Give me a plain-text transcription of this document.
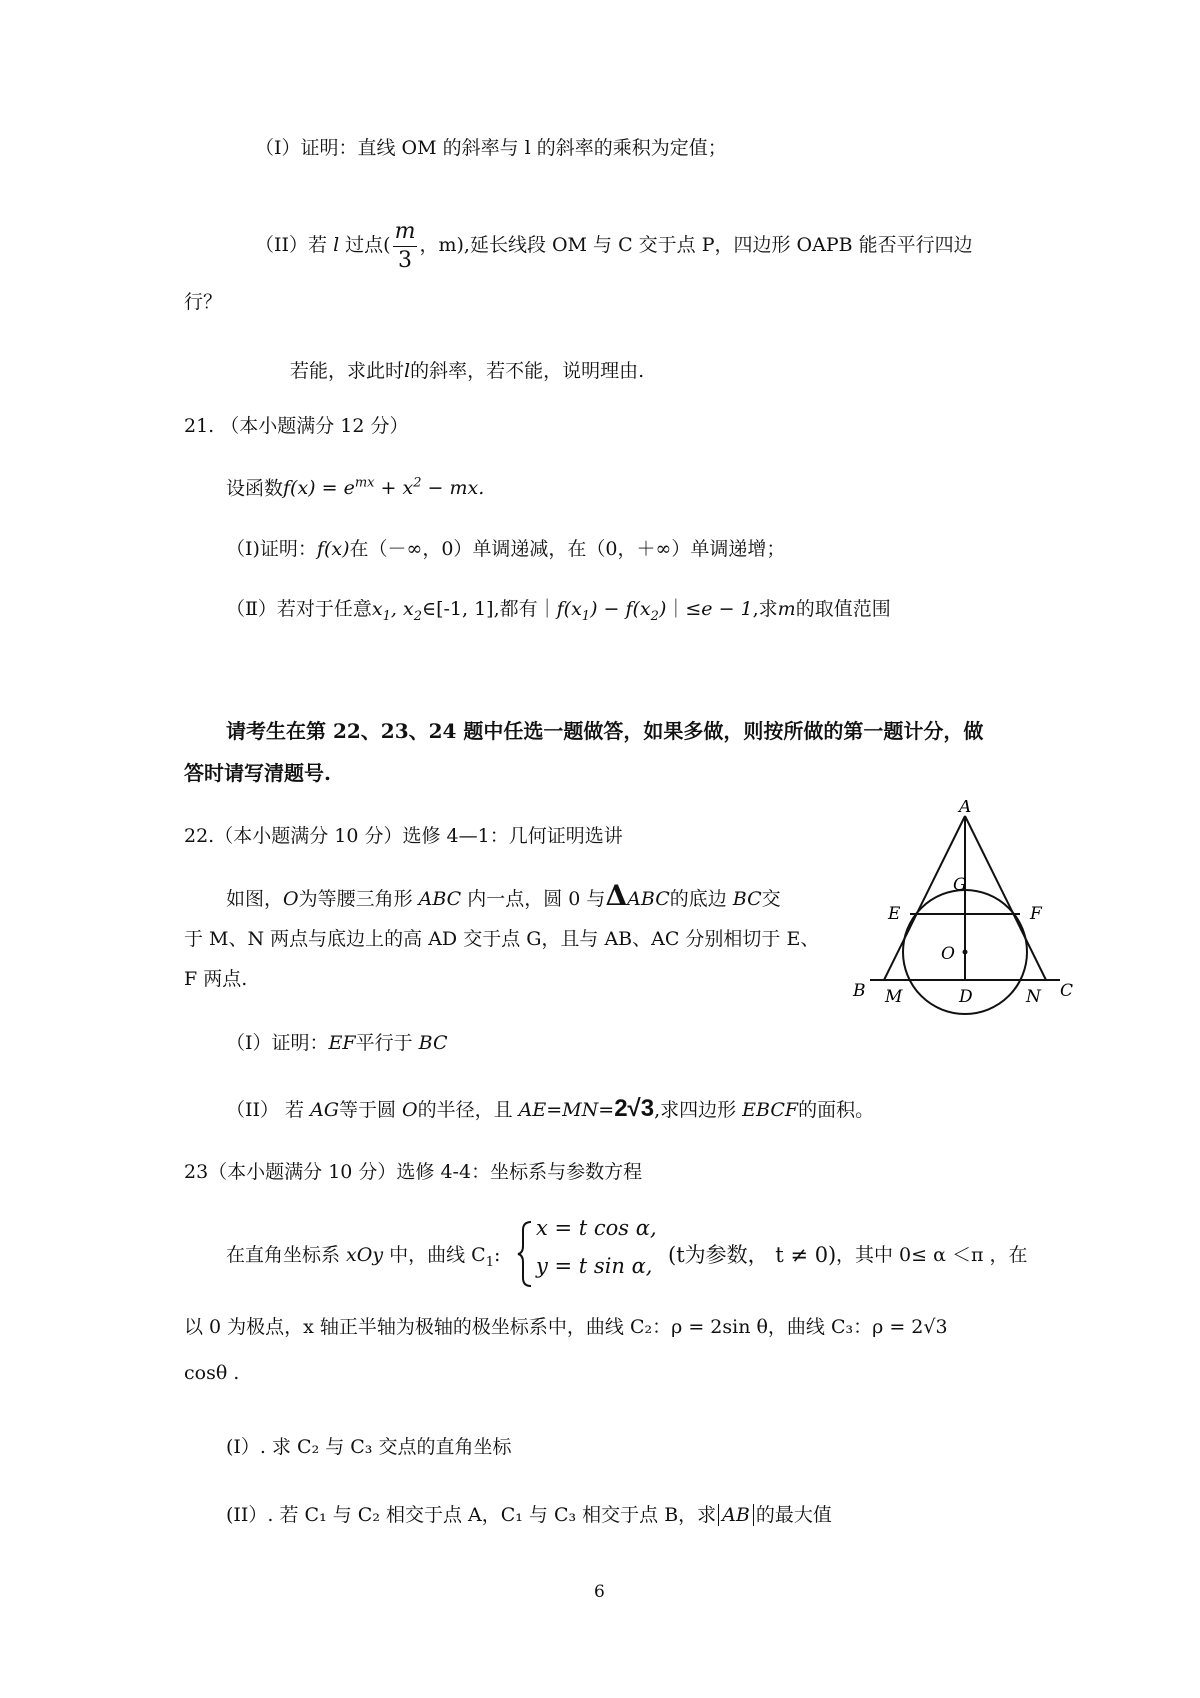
（I）证明：直线 OM 的斜率与 l 的斜率的乘积为定值；
（II）若 l 过点( $\frac{m}{3}$ ，m),延长线段 OM 与 C 交于点 P，四边形 OAPB 能否平行四边
行？
若能，求此时l的斜率，若不能，说明理由.
21. （本小题满分 12 分）
设函数$f(x) = e^{mx} + x^2$ − mx.
（Ⅰ)证明：f(x)在（－∞，0）单调递减，在（0，＋∞）单调递增；
（Ⅱ）若对于任意$x_1$, $x_2\in[-1$, 1],都有$|f(x_1)$ − $f(x_2)|\le e - 1$,求m的取值范围
请考生在第 22、23、24 题中任选一题做答，如果多做，则按所做的第一题计分，做
答时请写清题号.
22.（本小题满分 10 分）选修 4—1：几何证明选讲
如图，O为等腰三角形 ABC 内一点，圆 0 与ΔABC的底边 BC交
于 M、N 两点与底边上的高 AD 交于点 G，且与 AB、AC 分别相切于 E、
F 两点.
（I）证明：EF平行于 BC
（II） 若 AG等于圆 O的半径，且 AE=MN=2√3,求四边形 EBCF的面积。
A
G
E	F
O
B M	D	N C
23（本小题满分 10 分）选修 4-4：坐标系与参数方程
在直角坐标系 xOy 中，曲线 $C_1$:
x = t cos α,
y = t sin α, (t为参数， t ≠ 0) ，其中 0≤ α ＜π ，在
以 0 为极点，x 轴正半轴为极轴的极坐标系中，曲线 C₂：ρ = 2sin θ，曲线 C₃：ρ = 2√3
cosθ .
(I）. 求 C₂ 与 C₃ 交点的直角坐标
(II）. 若 C₁ 与 C₂ 相交于点 A，C₁ 与 C₃ 相交于点 B，求 AB 的最大值
6
